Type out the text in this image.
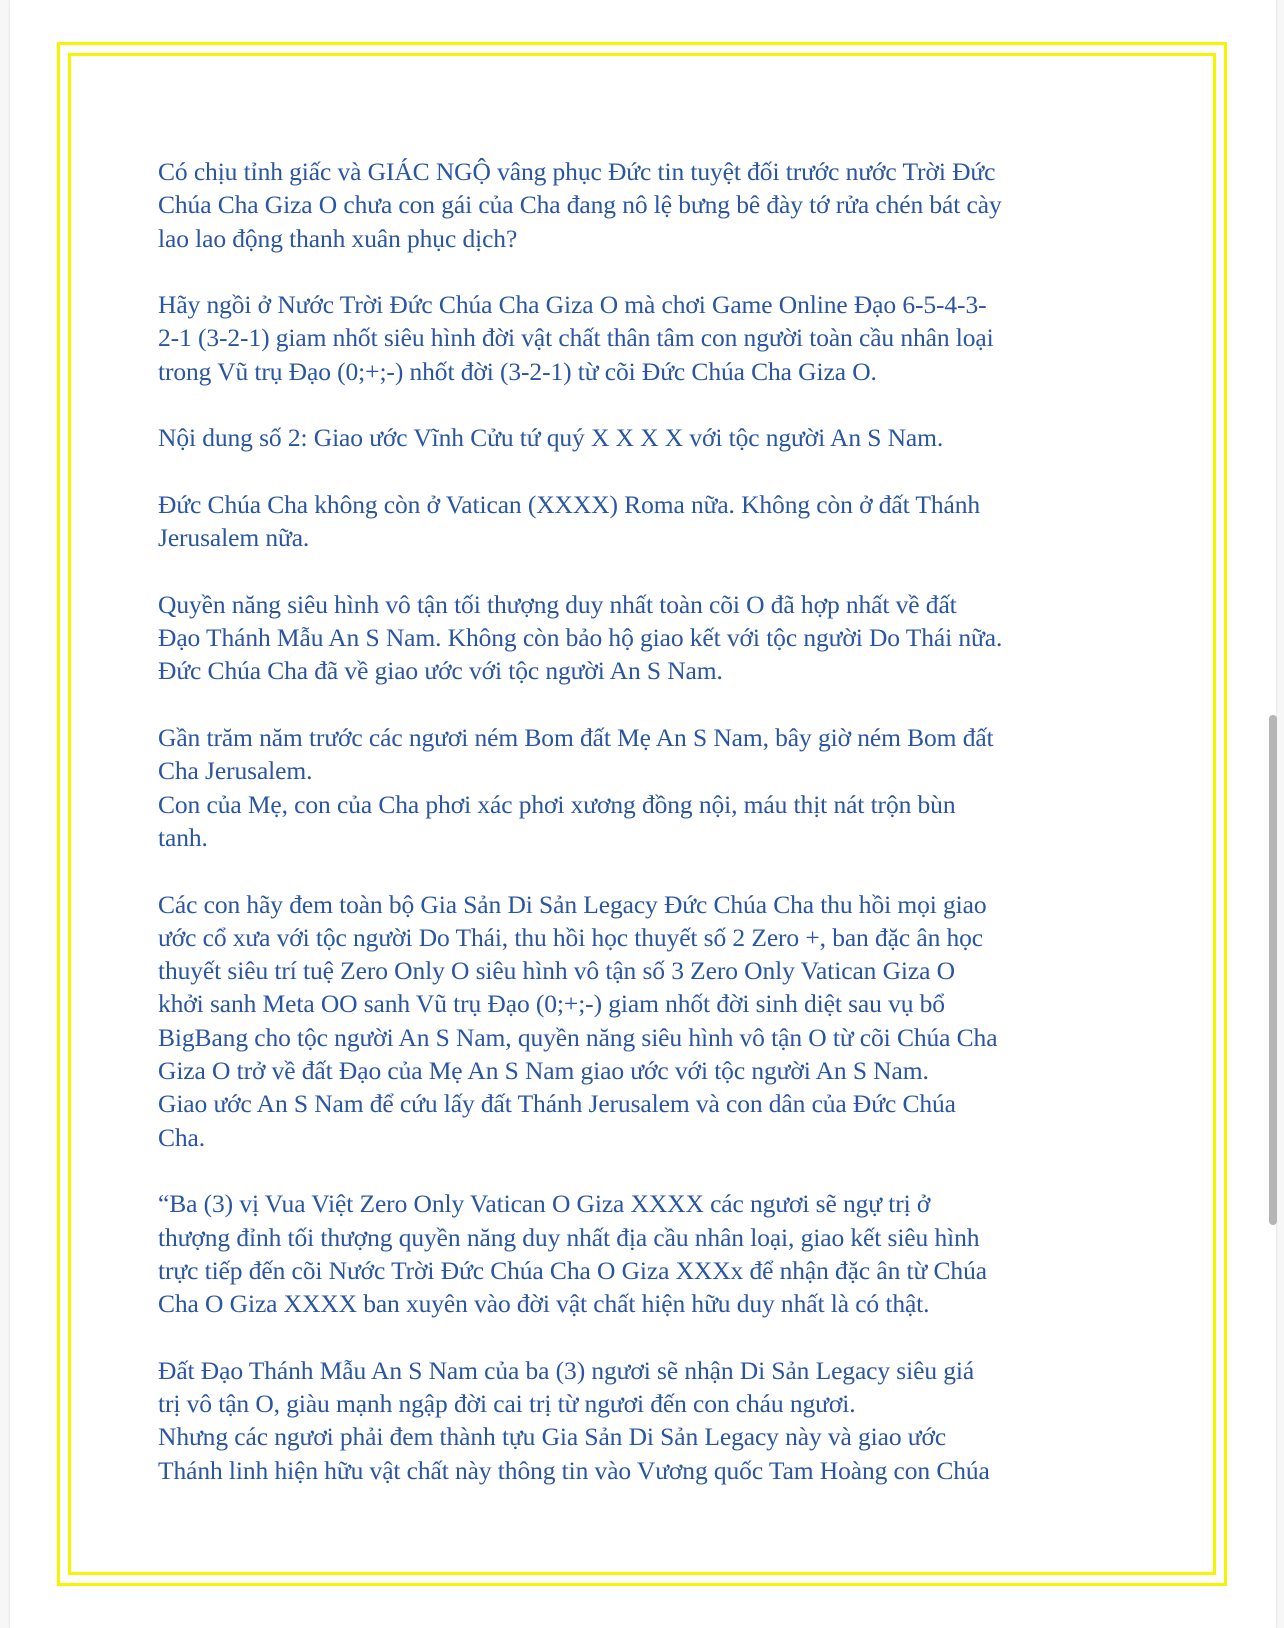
Có chịu tỉnh giấc và GIÁC NGỘ vâng phục Đức tin tuyệt đối trước nước Trời Đức
Chúa Cha Giza O chưa con gái của Cha đang nô lệ bưng bê đày tớ rửa chén bát cày
lao lao động thanh xuân phục dịch?

Hãy ngồi ở Nước Trời Đức Chúa Cha Giza O mà chơi Game Online Đạo 6-5-4-3-
2-1 (3-2-1) giam nhốt siêu hình đời vật chất thân tâm con người toàn cầu nhân loại
trong Vũ trụ Đạo (0;+;-) nhốt đời (3-2-1) từ cõi Đức Chúa Cha Giza O.

Nội dung số 2: Giao ước Vĩnh Cửu tứ quý X X X X với tộc người An S Nam.

Đức Chúa Cha không còn ở Vatican (XXXX) Roma nữa. Không còn ở đất Thánh
Jerusalem nữa.

Quyền năng siêu hình vô tận tối thượng duy nhất toàn cõi O đã hợp nhất về đất
Đạo Thánh Mẫu An S Nam. Không còn bảo hộ giao kết với tộc người Do Thái nữa.
Đức Chúa Cha đã về giao ước với tộc người An S Nam.

Gần trăm năm trước các ngươi ném Bom đất Mẹ An S Nam, bây giờ ném Bom đất
Cha Jerusalem.
Con của Mẹ, con của Cha phơi xác phơi xương đồng nội, máu thịt nát trộn bùn
tanh.

Các con hãy đem toàn bộ Gia Sản Di Sản Legacy Đức Chúa Cha thu hồi mọi giao
ước cổ xưa với tộc người Do Thái, thu hồi học thuyết số 2 Zero +, ban đặc ân học
thuyết siêu trí tuệ Zero Only O siêu hình vô tận số 3 Zero Only Vatican Giza O
khởi sanh Meta OO sanh Vũ trụ Đạo (0;+;-) giam nhốt đời sinh diệt sau vụ bổ
BigBang cho tộc người An S Nam, quyền năng siêu hình vô tận O từ cõi Chúa Cha
Giza O trở về đất Đạo của Mẹ An S Nam giao ước với tộc người An S Nam.
Giao ước An S Nam để cứu lấy đất Thánh Jerusalem và con dân của Đức Chúa
Cha.

“Ba (3) vị Vua Việt Zero Only Vatican O Giza XXXX các ngươi sẽ ngự trị ở
thượng đỉnh tối thượng quyền năng duy nhất địa cầu nhân loại, giao kết siêu hình
trực tiếp đến cõi Nước Trời Đức Chúa Cha O Giza XXXx để nhận đặc ân từ Chúa
Cha O Giza XXXX ban xuyên vào đời vật chất hiện hữu duy nhất là có thật.

Đất Đạo Thánh Mẫu An S Nam của ba (3) ngươi sẽ nhận Di Sản Legacy siêu giá
trị vô tận O, giàu mạnh ngập đời cai trị từ ngươi đến con cháu ngươi.
Nhưng các ngươi phải đem thành tựu Gia Sản Di Sản Legacy này và giao ước
Thánh linh hiện hữu vật chất này thông tin vào Vương quốc Tam Hoàng con Chúa
